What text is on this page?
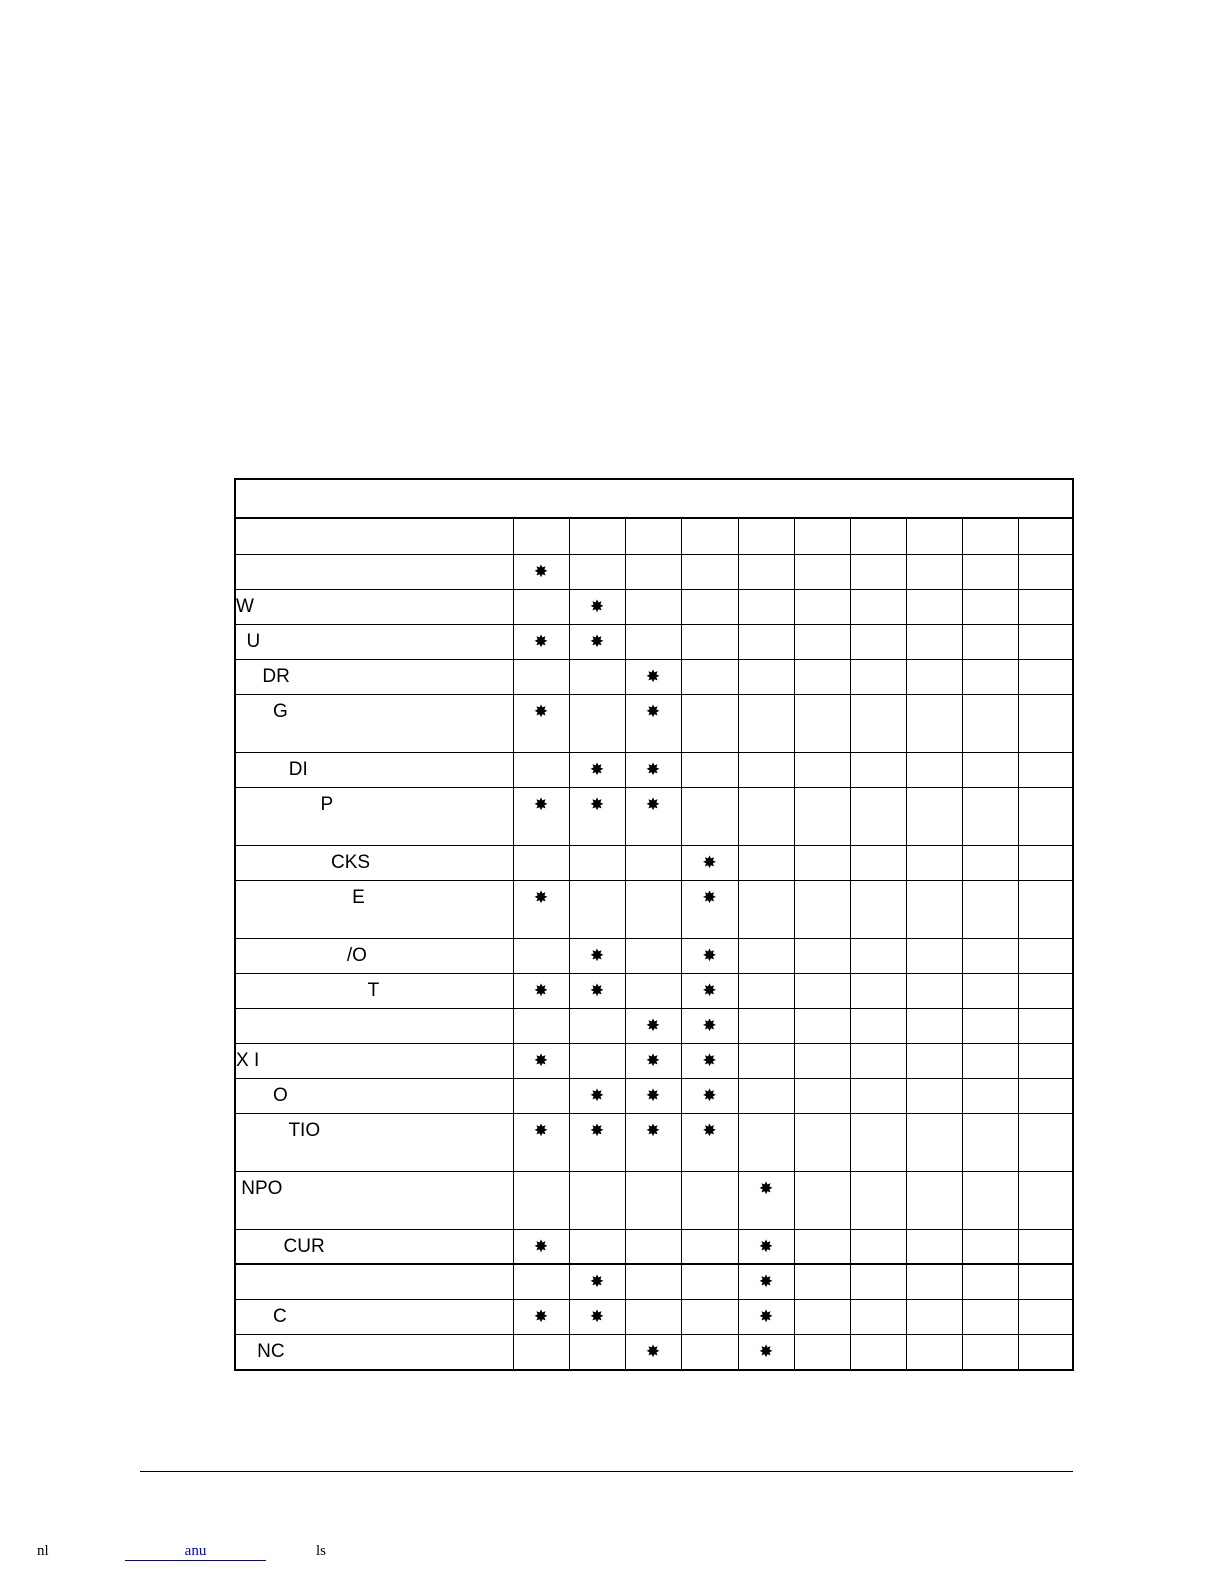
	✸									
W		✸								
U	✸	✸								
DR			✸							
G	✸		✸							
DI		✸	✸							
P	✸	✸	✸							
CKS				✸						
E	✸			✸						
/O		✸		✸						
T	✸	✸		✸						
			✸	✸						
X I	✸		✸	✸						
O		✸	✸	✸						
TIO	✸	✸	✸	✸						
NPO					✸					
CUR	✸				✸					
		✸			✸					
C	✸	✸			✸					
NC			✸		✸					
nl	anu	ls
